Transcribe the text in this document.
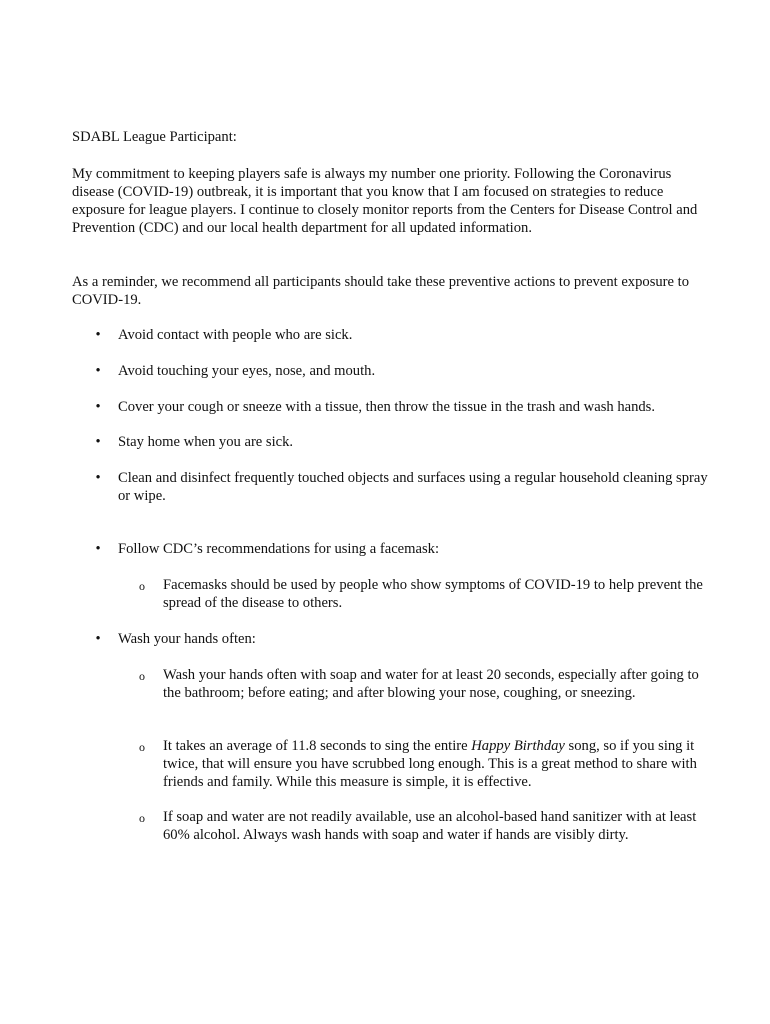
SDABL League Participant:

My commitment to keeping players safe is always my number one priority. Following the Coronavirus disease (COVID-19) outbreak, it is important that you know that I am focused on strategies to reduce exposure for league players. I continue to closely monitor reports from the Centers for Disease Control and Prevention (CDC) and our local health department for all updated information.

As a reminder, we recommend all participants should take these preventive actions to prevent exposure to COVID-19.

• Avoid contact with people who are sick.
• Avoid touching your eyes, nose, and mouth.
• Cover your cough or sneeze with a tissue, then throw the tissue in the trash and wash hands.
• Stay home when you are sick.
• Clean and disinfect frequently touched objects and surfaces using a regular household cleaning spray or wipe.
• Follow CDC’s recommendations for using a facemask:
o Facemasks should be used by people who show symptoms of COVID-19 to help prevent the spread of the disease to others.
• Wash your hands often:
o Wash your hands often with soap and water for at least 20 seconds, especially after going to the bathroom; before eating; and after blowing your nose, coughing, or sneezing.
o It takes an average of 11.8 seconds to sing the entire Happy Birthday song, so if you sing it twice, that will ensure you have scrubbed long enough. This is a great method to share with friends and family. While this measure is simple, it is effective.
o If soap and water are not readily available, use an alcohol-based hand sanitizer with at least 60% alcohol. Always wash hands with soap and water if hands are visibly dirty.
